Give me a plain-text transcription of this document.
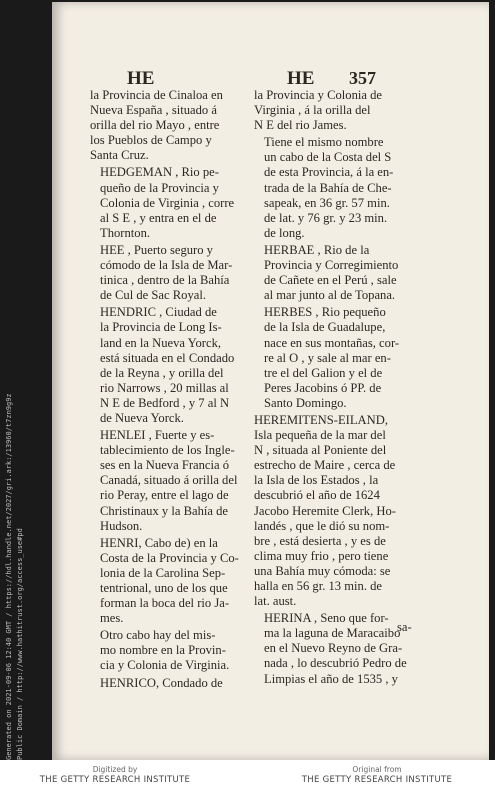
HE	HE 357
la Provincia de Cinaloa en
Nueva España , situado á
orilla del rio Mayo , entre
los Pueblos de Campo y
Santa Cruz.
HEDGEMAN , Rio pe-
queño de la Provincia y
Colonia de Virginia , corre
al S E , y entra en el de
Thornton.
HEE , Puerto seguro y
cómodo de la Isla de Mar-
tinica , dentro de la Bahía
de Cul de Sac Royal.
HENDRIC , Ciudad de
la Provincia de Long Is-
land en la Nueva Yorck,
está situada en el Condado
de la Reyna , y orilla del
rio Narrows , 20 millas al
N E de Bedford , y 7 al N
de Nueva Yorck.
HENLEI , Fuerte y es-
tablecimiento de los Ingle-
ses en la Nueva Francia ó
Canadá, situado á orilla del
rio Peray, entre el lago de
Christinaux y la Bahía de
Hudson.
HENRI, Cabo de) en la
Costa de la Provincia y Co-
lonia de la Carolina Sep-
tentrional, uno de los que
forman la boca del rio Ja-
mes.
Otro cabo hay del mis-
mo nombre en la Provin-
cia y Colonia de Virginia.
HENRICO, Condado de
la Provincia y Colonia de
Virginia , á la orilla del
N E del rio James.
Tiene el mismo nombre
un cabo de la Costa del S
de esta Provincia, á la en-
trada de la Bahía de Che-
sapeak, en 36 gr. 57 min.
de lat. y 76 gr. y 23 min.
de long.
HERBAE , Rio de la
Provincia y Corregimiento
de Cañete en el Perú , sale
al mar junto al de Topana.
HERBES , Rio pequeño
de la Isla de Guadalupe,
nace en sus montañas, cor-
re al O , y sale al mar en-
tre el del Galion y el de
Peres Jacobins ó PP. de
Santo Domingo.
HEREMITENS-EILAND,
Isla pequeña de la mar del
N , situada al Poniente del
estrecho de Maire , cerca de
la Isla de los Estados , la
descubrió el año de 1624
Jacobo Heremite Clerk, Ho-
landés , que le dió su nom-
bre , está desierta , y es de
clima muy frio , pero tiene
una Bahía muy cómoda: se
halla en 56 gr. 13 min. de
lat. aust.
HERINA , Seno que for-
ma la laguna de Maracaibo
en el Nuevo Reyno de Gra-
nada , lo descubrió Pedro de
Limpias el año de 1535 , y
sa-
Generated on 2021-09-06 12:40 GMT / https://hdl.handle.net/2027/gri.ark:/13960/t7zn9g9z Public Domain / http://www.hathitrust.org/access_use#pd
Digitized by
THE GETTY RESEARCH INSTITUTE
Original from
THE GETTY RESEARCH INSTITUTE
